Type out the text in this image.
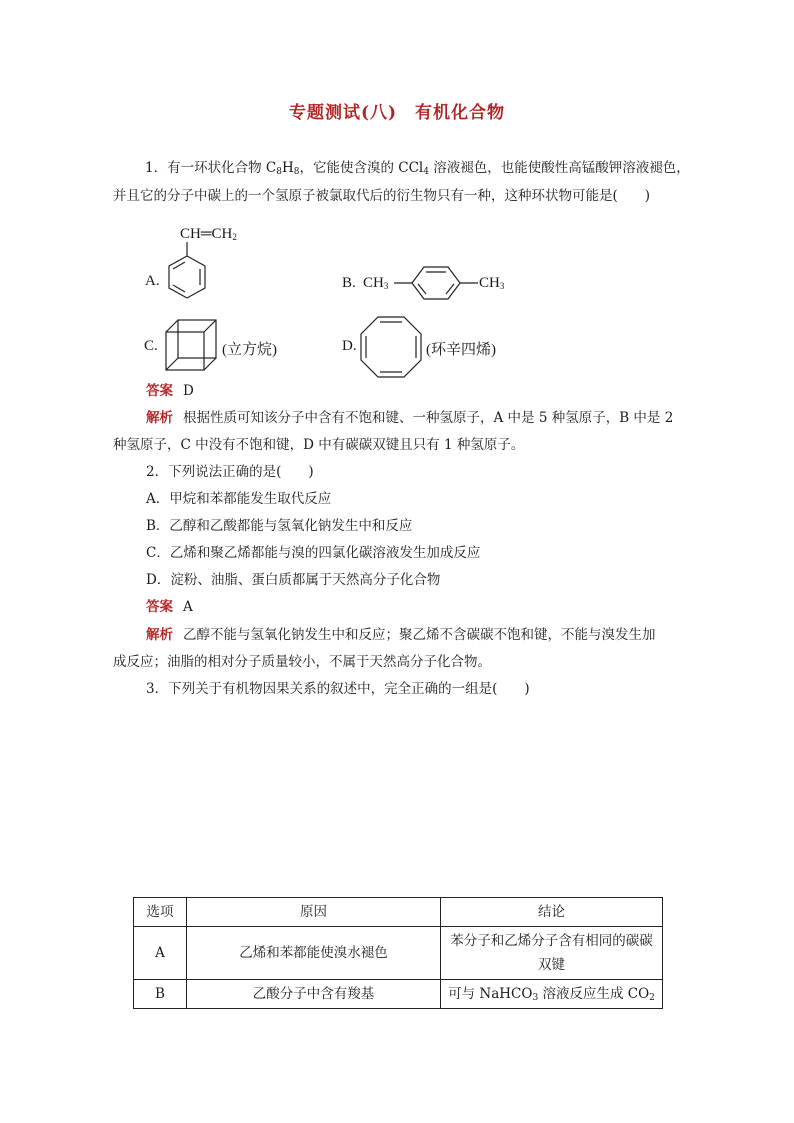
专题测试(八)　有机化合物
1．有一环状化合物 $C_8H_8$，它能使含溴的 CCl$_4$ 溶液褪色，也能使酸性高锰酸钾溶液褪色，
并且它的分子中碳上的一个氢原子被氯取代后的衍生物只有一种，这种环状物可能是(　　)
A.
$CH═CH_2$
B. $CH_3$	$CH_3$
C.	(立方烷)	D.	(环辛四烯)
答案 D
解析 根据性质可知该分子中含有不饱和键、一种氢原子，A 中是 5 种氢原子，B 中是 2
种氢原子，C 中没有不饱和键，D 中有碳碳双键且只有 1 种氢原子。
2．下列说法正确的是(　　)
A．甲烷和苯都能发生取代反应
B．乙醇和乙酸都能与氢氧化钠发生中和反应
C．乙烯和聚乙烯都能与溴的四氯化碳溶液发生加成反应
D．淀粉、油脂、蛋白质都属于天然高分子化合物
答案 A
解析 乙醇不能与氢氧化钠发生中和反应；聚乙烯不含碳碳不饱和键，不能与溴发生加
成反应；油脂的相对分子质量较小，不属于天然高分子化合物。
3．下列关于有机物因果关系的叙述中，完全正确的一组是(　　)
选项	原因	结论
A	乙烯和苯都能使溴水褪色	苯分子和乙烯分子含有相同的碳碳
双键

B	乙酸分子中含有羧基	可与 NaHCO$_3$ 溶液反应生成 $CO_2$
